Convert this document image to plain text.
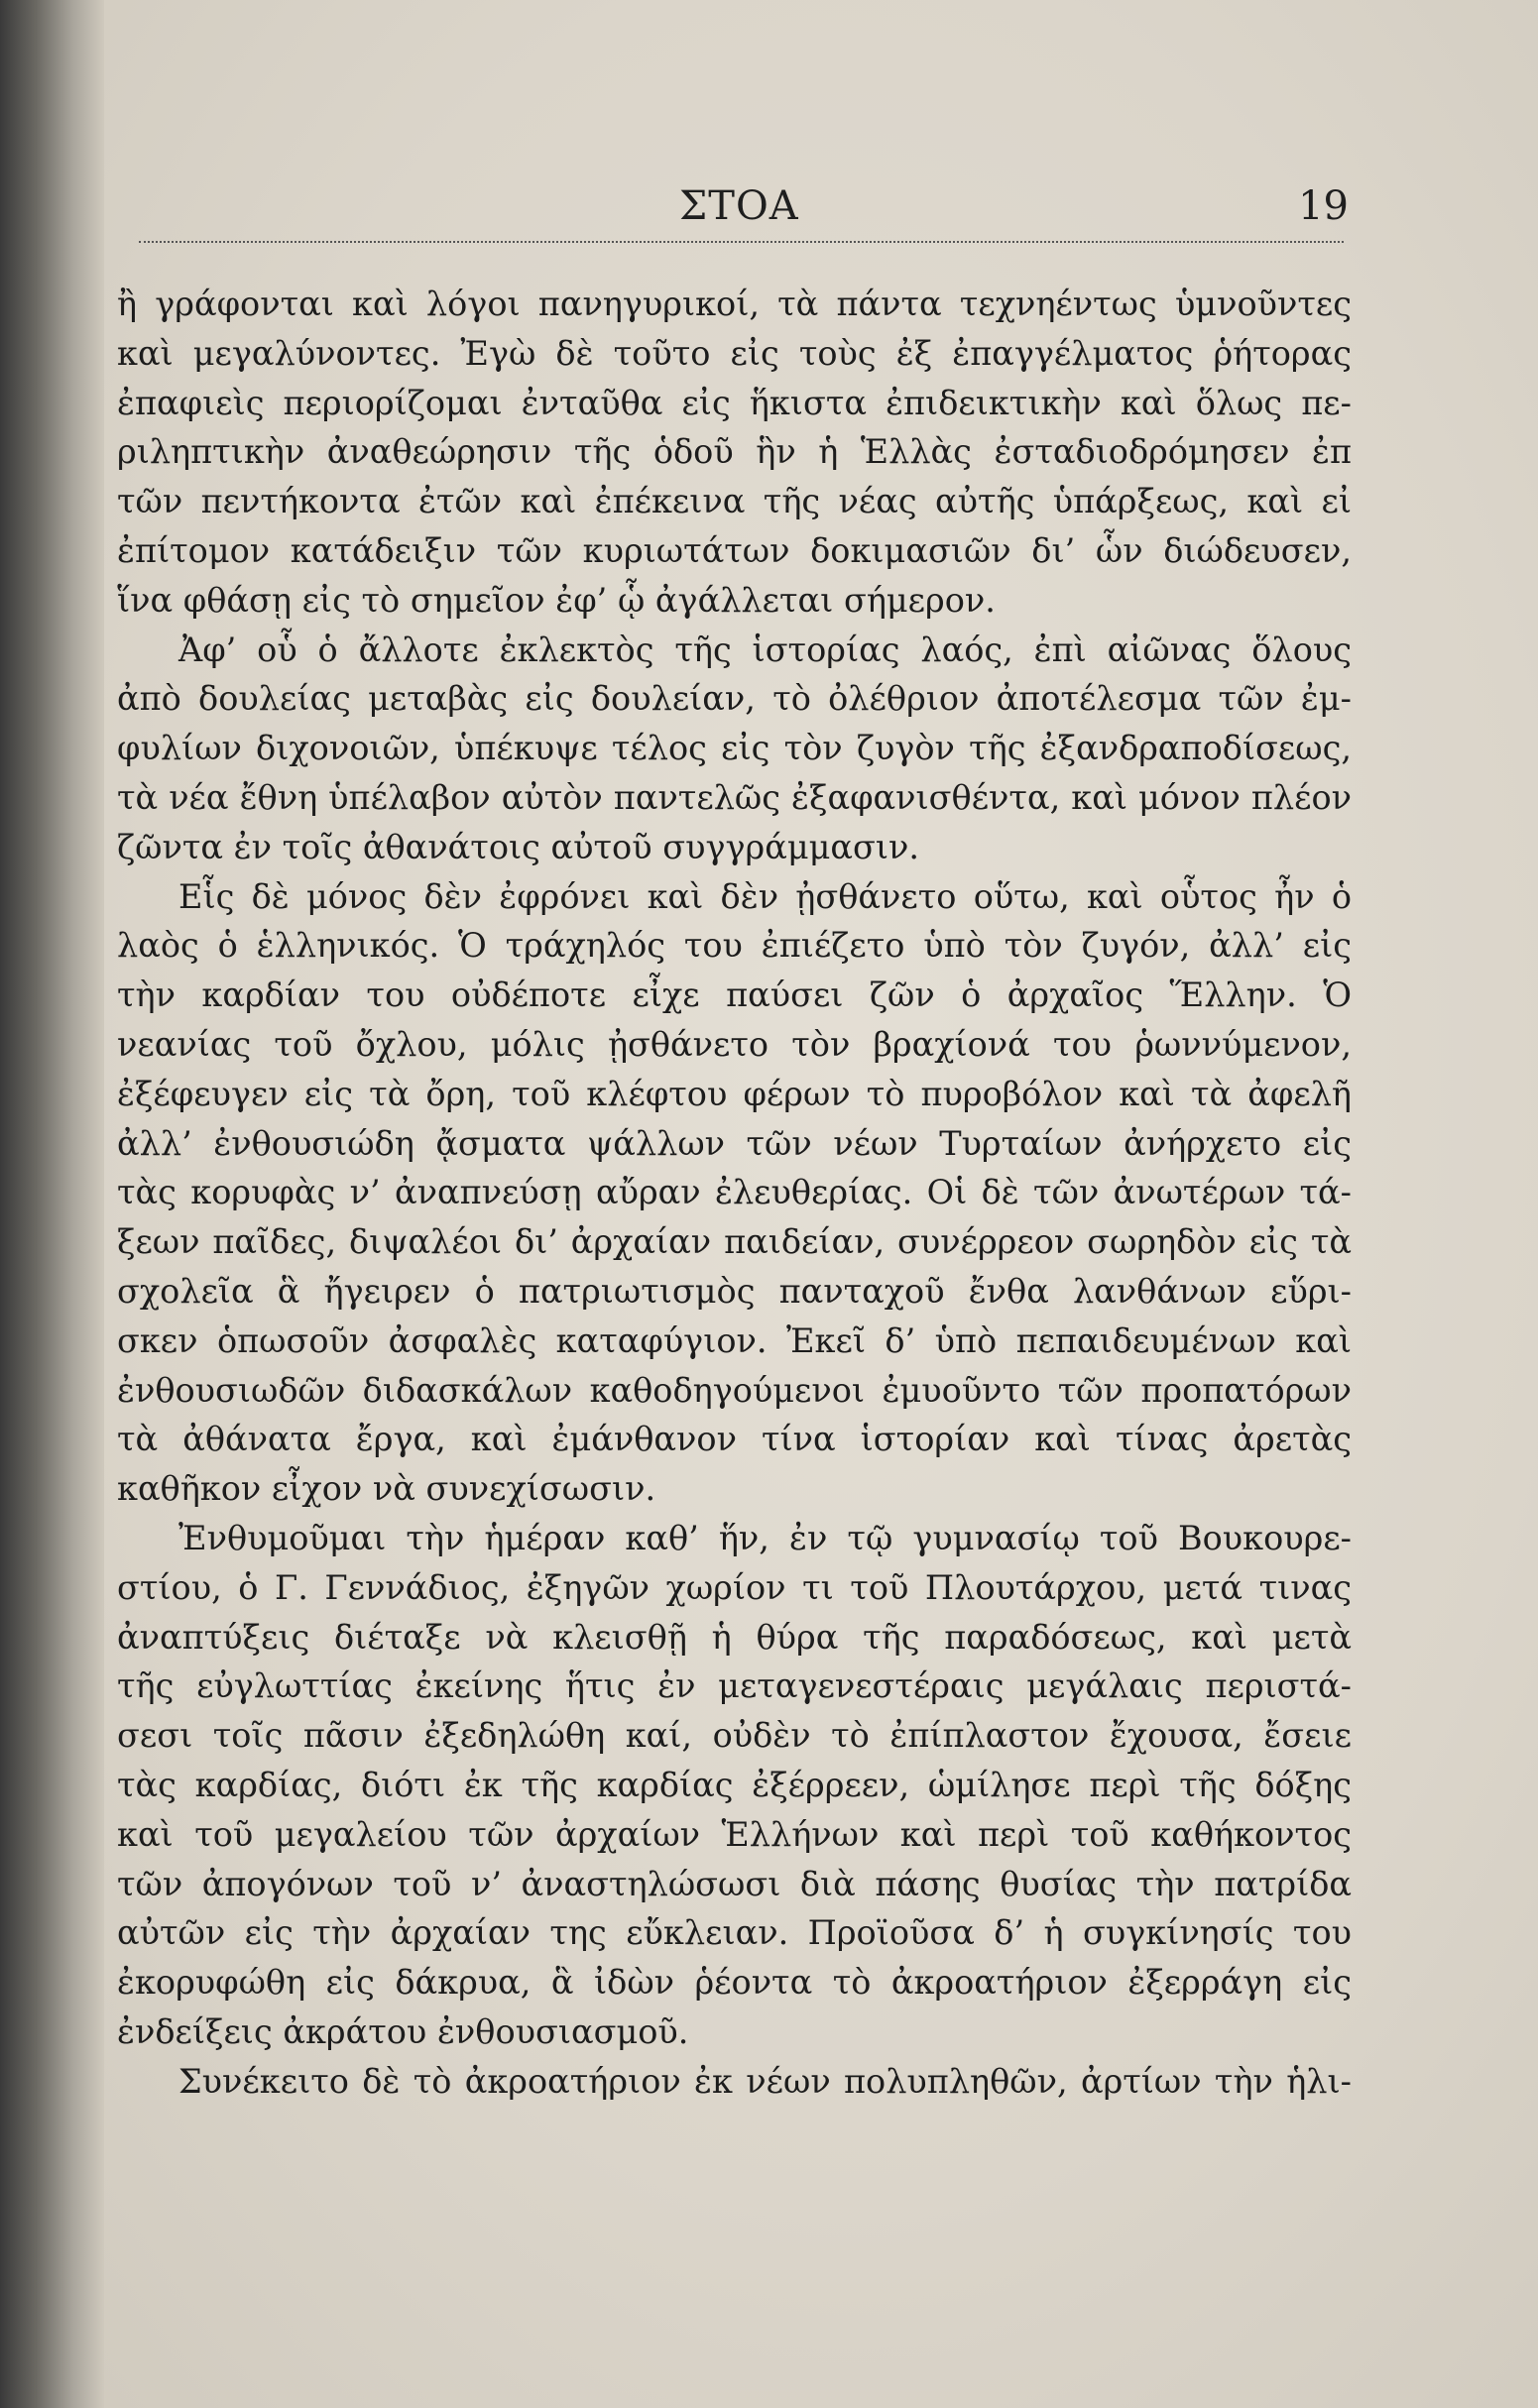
ΣΤΟΑ	19
ἢ γράφονται καὶ λόγοι πανηγυρικοί, τὰ πάντα τεχνηέντως ὑμνοῦντες
καὶ μεγαλύνοντες. Ἐγὼ δὲ τοῦτο εἰς τοὺς ἐξ ἐπαγγέλματος ῥήτορας
ἐπαφιεὶς περιορίζομαι ἐνταῦθα εἰς ἥκιστα ἐπιδεικτικὴν καὶ ὅλως πε-
ριληπτικὴν ἀναθεώρησιν τῆς ὁδοῦ ἣν ἡ Ἑλλὰς ἐσταδιοδρόμησεν ἐπ
τῶν πεντήκοντα ἐτῶν καὶ ἐπέκεινα τῆς νέας αὐτῆς ὑπάρξεως, καὶ εἰ
ἐπίτομον κατάδειξιν τῶν κυριωτάτων δοκιμασιῶν δι’ ὧν διώδευσεν,
ἵνα φθάσῃ εἰς τὸ σημεῖον ἐφ’ ᾧ ἀγάλλεται σήμερον.
Ἀφ’ οὗ ὁ ἄλλοτε ἐκλεκτὸς τῆς ἱστορίας λαός, ἐπὶ αἰῶνας ὅλους
ἀπὸ δουλείας μεταβὰς εἰς δουλείαν, τὸ ὀλέθριον ἀποτέλεσμα τῶν ἐμ-
φυλίων διχονοιῶν, ὑπέκυψε τέλος εἰς τὸν ζυγὸν τῆς ἐξανδραποδίσεως,
τὰ νέα ἔθνη ὑπέλαβον αὐτὸν παντελῶς ἐξαφανισθέντα, καὶ μόνον πλέον
ζῶντα ἐν τοῖς ἀθανάτοις αὐτοῦ συγγράμμασιν.
Εἷς δὲ μόνος δὲν ἐφρόνει καὶ δὲν ᾐσθάνετο οὕτω, καὶ οὗτος ἦν ὁ
λαὸς ὁ ἑλληνικός. Ὁ τράχηλός του ἐπιέζετο ὑπὸ τὸν ζυγόν, ἀλλ’ εἰς
τὴν καρδίαν του οὐδέποτε εἶχε παύσει ζῶν ὁ ἀρχαῖος Ἕλλην. Ὁ
νεανίας τοῦ ὄχλου, μόλις ᾐσθάνετο τὸν βραχίονά του ῥωννύμενον,
ἐξέφευγεν εἰς τὰ ὄρη, τοῦ κλέφτου φέρων τὸ πυροβόλον καὶ τὰ ἀφελῆ
ἀλλ’ ἐνθουσιώδη ᾄσματα ψάλλων τῶν νέων Τυρταίων ἀνήρχετο εἰς
τὰς κορυφὰς ν’ ἀναπνεύσῃ αὔραν ἐλευθερίας. Οἱ δὲ τῶν ἀνωτέρων τά-
ξεων παῖδες, διψαλέοι δι’ ἀρχαίαν παιδείαν, συνέρρεον σωρηδὸν εἰς τὰ
σχολεῖα ἃ ἤγειρεν ὁ πατριωτισμὸς πανταχοῦ ἔνθα λανθάνων εὕρι-
σκεν ὁπωσοῦν ἀσφαλὲς καταφύγιον. Ἐκεῖ δ’ ὑπὸ πεπαιδευμένων καὶ
ἐνθουσιωδῶν διδασκάλων καθοδηγούμενοι ἐμυοῦντο τῶν προπατόρων
τὰ ἀθάνατα ἔργα, καὶ ἐμάνθανον τίνα ἱστορίαν καὶ τίνας ἀρετὰς
καθῆκον εἶχον νὰ συνεχίσωσιν.
Ἐνθυμοῦμαι τὴν ἡμέραν καθ’ ἥν, ἐν τῷ γυμνασίῳ τοῦ Βουκουρε-
στίου, ὁ Γ. Γεννάδιος, ἐξηγῶν χωρίον τι τοῦ Πλουτάρχου, μετά τινας
ἀναπτύξεις διέταξε νὰ κλεισθῇ ἡ θύρα τῆς παραδόσεως, καὶ μετὰ
τῆς εὐγλωττίας ἐκείνης ἥτις ἐν μεταγενεστέραις μεγάλαις περιστά-
σεσι τοῖς πᾶσιν ἐξεδηλώθη καί, οὐδὲν τὸ ἐπίπλαστον ἔχουσα, ἔσειε
τὰς καρδίας, διότι ἐκ τῆς καρδίας ἐξέρρεεν, ὡμίλησε περὶ τῆς δόξης
καὶ τοῦ μεγαλείου τῶν ἀρχαίων Ἑλλήνων καὶ περὶ τοῦ καθήκοντος
τῶν ἀπογόνων τοῦ ν’ ἀναστηλώσωσι διὰ πάσης θυσίας τὴν πατρίδα
αὐτῶν εἰς τὴν ἀρχαίαν της εὔκλειαν. Προϊοῦσα δ’ ἡ συγκίνησίς του
ἐκορυφώθη εἰς δάκρυα, ἃ ἰδὼν ῥέοντα τὸ ἀκροατήριον ἐξερράγη εἰς
ἐνδείξεις ἀκράτου ἐνθουσιασμοῦ.
Συνέκειτο δὲ τὸ ἀκροατήριον ἐκ νέων πολυπληθῶν, ἀρτίων τὴν ἡλι-
